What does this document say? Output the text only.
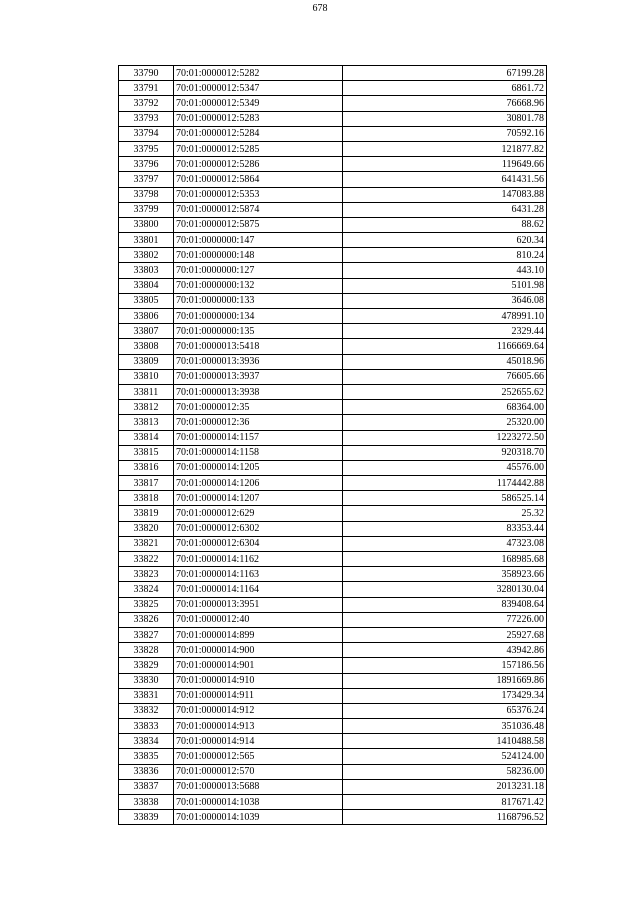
678
33790	70:01:0000012:5282	67199.28
33791	70:01:0000012:5347	6861.72
33792	70:01:0000012:5349	76668.96
33793	70:01:0000012:5283	30801.78
33794	70:01:0000012:5284	70592.16
33795	70:01:0000012:5285	121877.82
33796	70:01:0000012:5286	119649.66
33797	70:01:0000012:5864	641431.56
33798	70:01:0000012:5353	147083.88
33799	70:01:0000012:5874	6431.28
33800	70:01:0000012:5875	88.62
33801	70:01:0000000:147	620.34
33802	70:01:0000000:148	810.24
33803	70:01:0000000:127	443.10
33804	70:01:0000000:132	5101.98
33805	70:01:0000000:133	3646.08
33806	70:01:0000000:134	478991.10
33807	70:01:0000000:135	2329.44
33808	70:01:0000013:5418	1166669.64
33809	70:01:0000013:3936	45018.96
33810	70:01:0000013:3937	76605.66
33811	70:01:0000013:3938	252655.62
33812	70:01:0000012:35	68364.00
33813	70:01:0000012:36	25320.00
33814	70:01:0000014:1157	1223272.50
33815	70:01:0000014:1158	920318.70
33816	70:01:0000014:1205	45576.00
33817	70:01:0000014:1206	1174442.88
33818	70:01:0000014:1207	586525.14
33819	70:01:0000012:629	25.32
33820	70:01:0000012:6302	83353.44
33821	70:01:0000012:6304	47323.08
33822	70:01:0000014:1162	168985.68
33823	70:01:0000014:1163	358923.66
33824	70:01:0000014:1164	3280130.04
33825	70:01:0000013:3951	839408.64
33826	70:01:0000012:40	77226.00
33827	70:01:0000014:899	25927.68
33828	70:01:0000014:900	43942.86
33829	70:01:0000014:901	157186.56
33830	70:01:0000014:910	1891669.86
33831	70:01:0000014:911	173429.34
33832	70:01:0000014:912	65376.24
33833	70:01:0000014:913	351036.48
33834	70:01:0000014:914	1410488.58
33835	70:01:0000012:565	524124.00
33836	70:01:0000012:570	58236.00
33837	70:01:0000013:5688	2013231.18
33838	70:01:0000014:1038	817671.42
33839	70:01:0000014:1039	1168796.52
